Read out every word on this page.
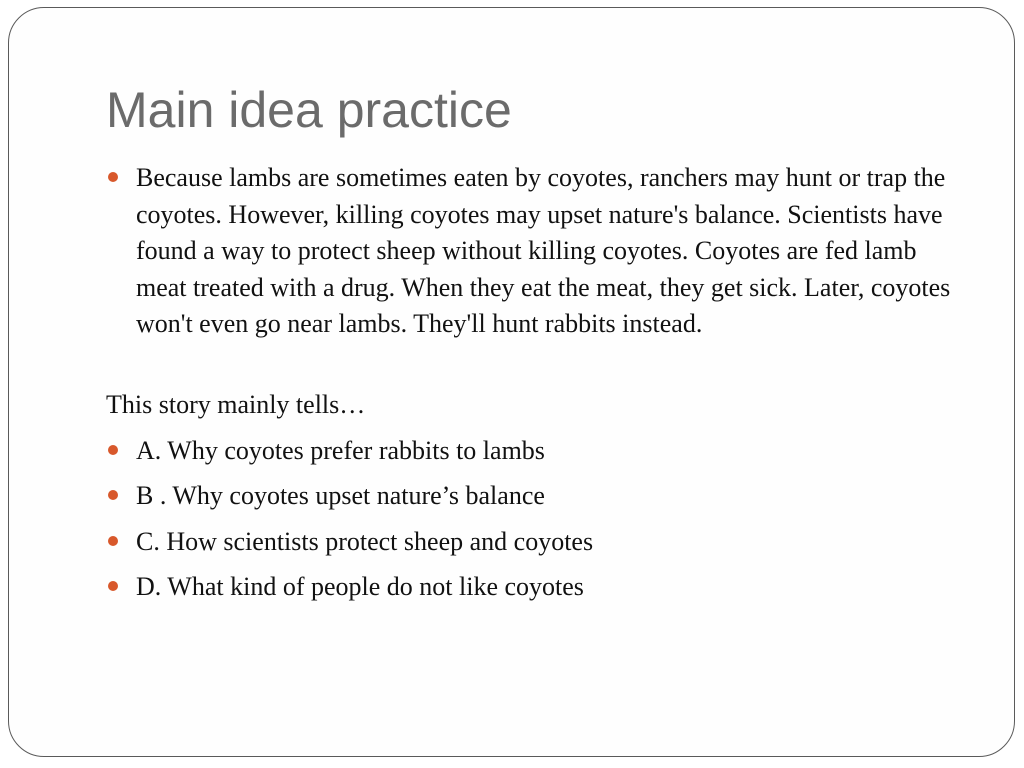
Main idea practice
Because lambs are sometimes eaten by coyotes, ranchers may hunt or trap the coyotes. However, killing coyotes may upset nature's balance. Scientists have found a way to protect sheep without killing coyotes. Coyotes are fed lamb meat treated with a drug. When they eat the meat, they get sick. Later, coyotes won't even go near lambs. They'll hunt rabbits instead.
This story mainly tells…
A. Why coyotes prefer rabbits to lambs
B . Why coyotes upset nature’s balance
C. How scientists protect sheep and coyotes
D. What kind of people do not like coyotes
